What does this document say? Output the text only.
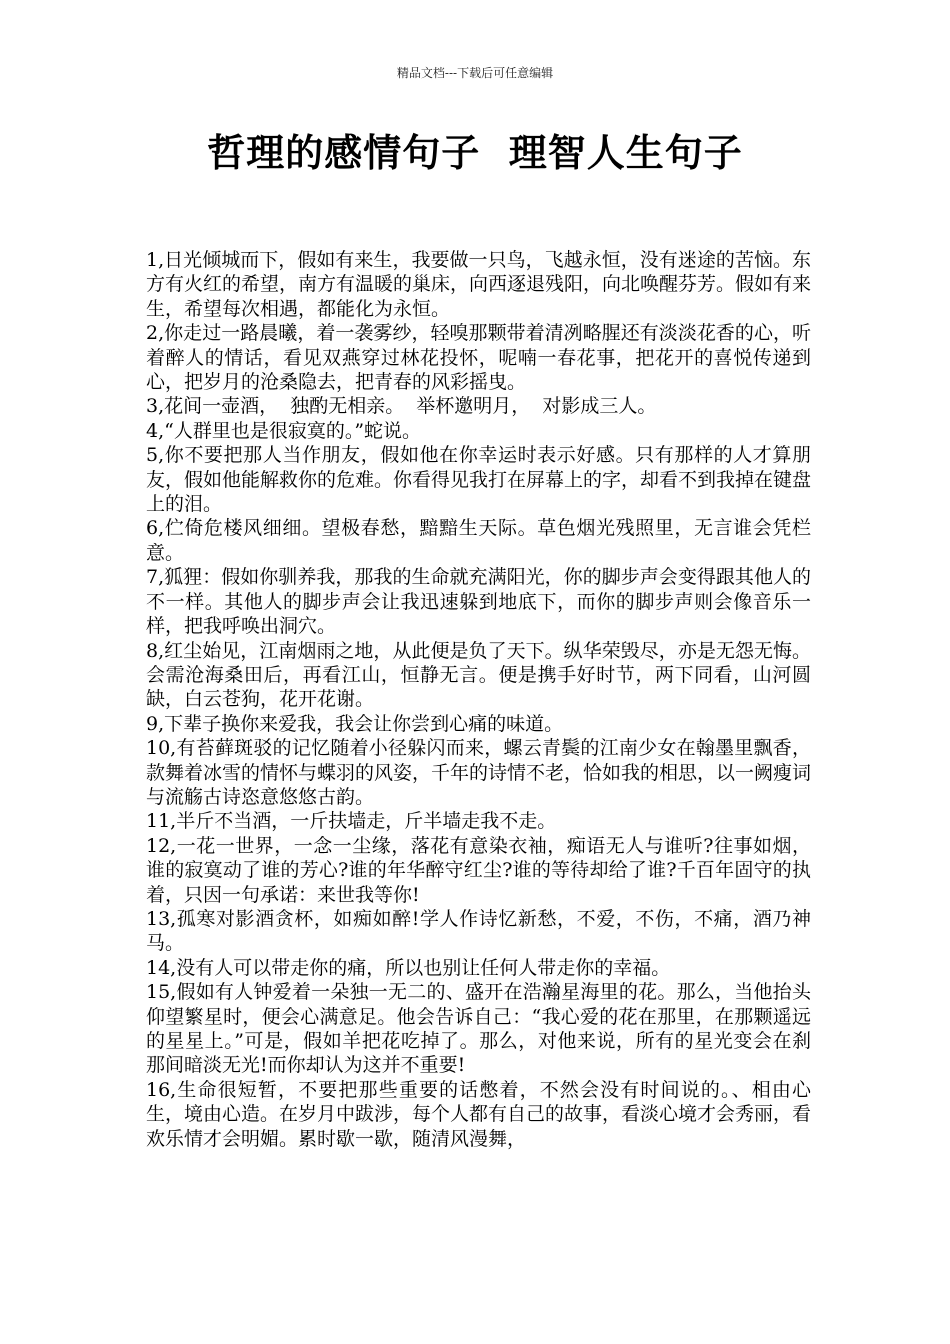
精品文档---下载后可任意编辑
哲理的感情句子  理智人生句子

1,日光倾城而下，假如有来生，我要做一只鸟，飞越永恒，没有迷途的苦恼。东方有火红的希望，南方有温暖的巢床，向西逐退残阳，向北唤醒芬芳。假如有来生，希望每次相遇，都能化为永恒。

2,你走过一路晨曦，着一袭雾纱，轻嗅那颗带着清冽略腥还有淡淡花香的心，听着醉人的情话，看见双燕穿过林花投怀，呢喃一春花事，把花开的喜悦传递到心，把岁月的沧桑隐去，把青春的风彩摇曳。

3,花间一壶酒，  独酌无相亲。  举杯邀明月，  对影成三人。

4,“人群里也是很寂寞的。”蛇说。

5,你不要把那人当作朋友，假如他在你幸运时表示好感。只有那样的人才算朋友，假如他能解救你的危难。你看得见我打在屏幕上的字，却看不到我掉在键盘上的泪。

6,伫倚危楼风细细。望极春愁，黯黯生天际。草色烟光残照里，无言谁会凭栏意。

7,狐狸：假如你驯养我，那我的生命就充满阳光，你的脚步声会变得跟其他人的不一样。其他人的脚步声会让我迅速躲到地底下，而你的脚步声则会像音乐一样，把我呼唤出洞穴。

8,红尘始见，江南烟雨之地，从此便是负了天下。纵华荣毁尽，亦是无怨无悔。会需沧海桑田后，再看江山，恒静无言。便是携手好时节，两下同看，山河圆缺，白云苍狗，花开花谢。

9,下辈子换你来爱我，我会让你尝到心痛的味道。

10,有苔藓斑驳的记忆随着小径躲闪而来，螺云青鬓的江南少女在翰墨里飘香，款舞着冰雪的情怀与蝶羽的风姿，千年的诗情不老，恰如我的相思，以一阙瘦词与流觞古诗恣意悠悠古韵。

11,半斤不当酒，一斤扶墙走，斤半墙走我不走。

12,一花一世界，一念一尘缘，落花有意染衣袖，痴语无人与谁听?往事如烟，谁的寂寞动了谁的芳心?谁的年华醉守红尘?谁的等待却给了谁?千百年固守的执着，只因一句承诺：来世我等你!

13,孤寒对影酒贪杯，如痴如醉!学人作诗忆新愁，不爱，不伤，不痛，酒乃神马。

14,没有人可以带走你的痛，所以也别让任何人带走你的幸福。

15,假如有人钟爱着一朵独一无二的、盛开在浩瀚星海里的花。那么，当他抬头仰望繁星时，便会心满意足。他会告诉自己：“我心爱的花在那里，在那颗遥远的星星上。”可是，假如羊把花吃掉了。那么，对他来说，所有的星光变会在刹那间暗淡无光!而你却认为这并不重要!

16,生命很短暂，不要把那些重要的话憋着，不然会没有时间说的。、相由心生，境由心造。在岁月中跋涉，每个人都有自己的故事，看淡心境才会秀丽，看欢乐情才会明媚。累时歇一歇，随清风漫舞，
